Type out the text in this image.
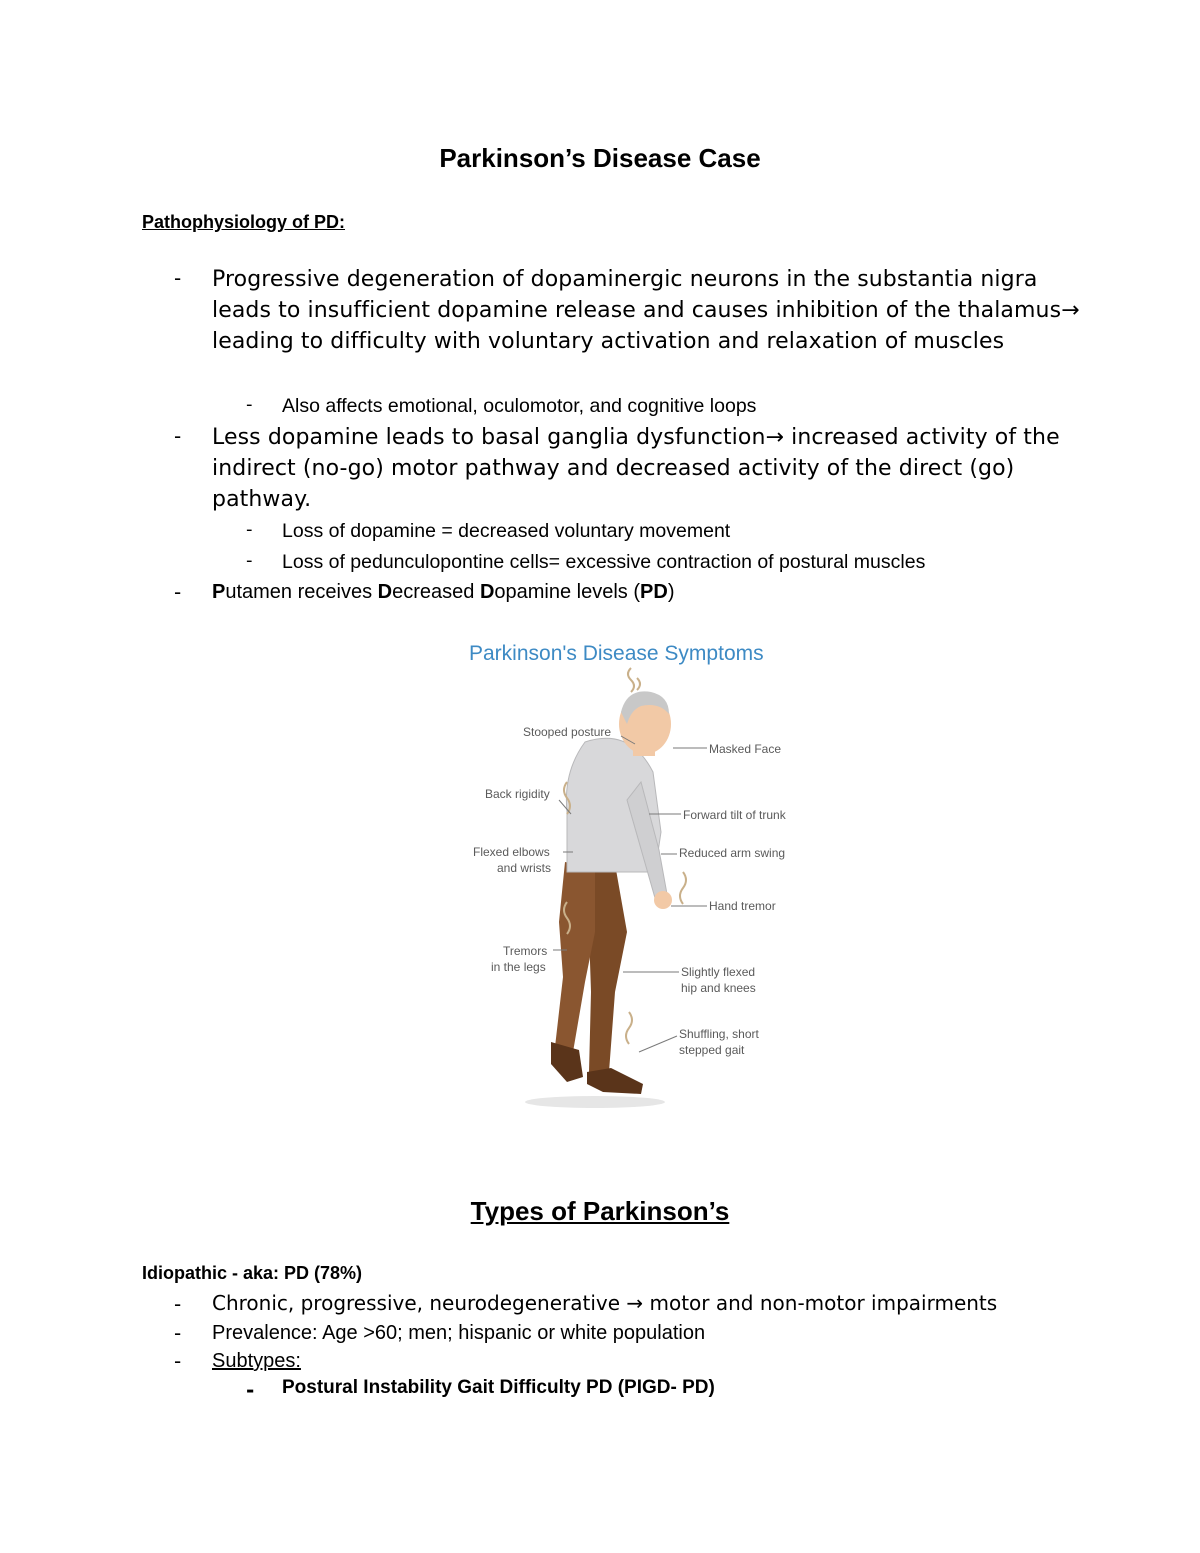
Parkinson’s Disease Case
Pathophysiology of PD:
- Progressive degeneration of dopaminergic neurons in the substantia nigra leads to insufficient dopamine release and causes inhibition of the thalamus→ leading to difficulty with voluntary activation and relaxation of muscles
- Also affects emotional, oculomotor, and cognitive loops
- Less dopamine leads to basal ganglia dysfunction→ increased activity of the indirect (no-go) motor pathway and decreased activity of the direct (go) pathway.
- Loss of dopamine = decreased voluntary movement
- Loss of pedunculopontine cells= excessive contraction of postural muscles
- Putamen receives Decreased Dopamine levels (PD)
Parkinson's Disease Symptoms
Stooped posture
Masked Face
Back rigidity
Forward tilt of trunk
Flexed elbows
and wrists
Reduced arm swing
Hand tremor
Tremors
in the legs	Slightly flexed
hip and knees
Shuffling, short
stepped gait
Types of Parkinson’s
Idiopathic - aka: PD (78%)
- Chronic, progressive, neurodegenerative → motor and non-motor impairments
- Prevalence: Age >60; men; hispanic or white population
- Subtypes:
- Postural Instability Gait Difficulty PD (PIGD- PD)
